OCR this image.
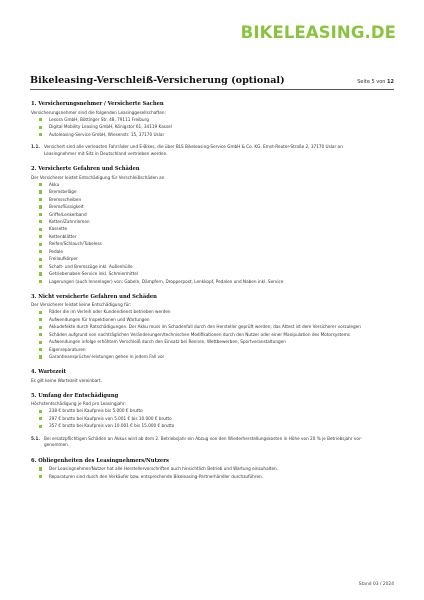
BIKELEASING.DE
Bikeleasing-Verschleiß-Versicherung (optional)	Seite 5 von 12
1. Versicherungsnehmer / Versicherte Sachen
Versicherungsnehmer sind die folgenden Leasinggesellschaften:
Lesora GmbH, Böttinger Str. 48, 79111 Freiburg
Digital Mobility Leasing GmbH, Königstor 61, 34119 Kassel
Autoleasing-Service GmbH, Wiesenstr. 15, 37170 Uslar
1.1. Versichert sind alle verleasten Fahrräder und E-Bikes, die über BLS Bikeleasing-Service GmbH & Co. KG, Ernst-Reuter-Straße 2, 37170 Uslar an
Leasingnehmer mit Sitz in Deutschland vertrieben werden.
2. Versicherte Gefahren und Schäden
Der Versicherer leistet Entschädigung für Verschleißschäden an
Akku
Bremsbeläge
Bremsscheiben
Bremsflüssigkeit
Griffe/Lenkerband
Ketten/Zahnriemen
Kassette
Kettenblätter
Reifen/Schlauch/Tubeless
Pedale
Freilaufkörper
Schalt- und Bremszüge inkl. Außenhülle
Getriebenaben-Service inkl. Schmiermittel
Lagerungen (auch Innenlager) von: Gabeln, Dämpfern, Dropperpost, Lenkkopf, Pedalen und Naben inkl. Service
3. Nicht versicherte Gefahren und Schäden
Der Versicherer leistet keine Entschädigung für:
Räder die im Verleih oder Kundendienst betrieben werden
Aufwendungen für Inspektionen und Wartungen
Akkudefekte durch Ratschädigungen. Der Akku muss im Schadenfall durch den Hersteller geprüft werden; das Attest ist dem Versicherer vorzulegen
Schäden aufgrund von nachträglichen Veränderungen/technischen Modifikationen durch den Nutzer oder einer Manipulation des Motorsystems
Aufwendungen infolge erhöhtem Verschleiß durch den Einsatz bei Rennen, Wettbewerben, Sportveranstaltungen
Eigenreparaturen
Garantieansprüche/-leistungen gehen in jedem Fall vor
4. Wartezeit
Es gilt keine Wartezeit vereinbart.
5. Umfang der Entschädigung
Höchstentschädigung je Rad pro Leasingjahr:
238 € brutto bei Kaufpreis bis 5.000 € brutto
297 € brutto bei Kaufpreis von 5.001 € bis 10.000 € brutto
357 € brutto bei Kaufpreis von 10.001 € bis 15.000 € brutto
5.1. Bei ersatzpflichtigen Schäden an Akkus wird ab dem 2. Betriebsjahr ein Abzug von den Wiederherstellungskosten in Höhe von 20 % je Betriebsjahr vor-
genommen.
6. Obliegenheiten des Leasingnehmers/Nutzers
Der Leasingnehmer/Nutzer hat alle Herstellervorschriften auch hinsichtlich Betrieb und Wartung einzuhalten.
Reparaturen sind durch den Verkäufer bzw. entsprechende Bikeleasing-Partnerhändler durchzuführen.
Stand 03 / 2024
